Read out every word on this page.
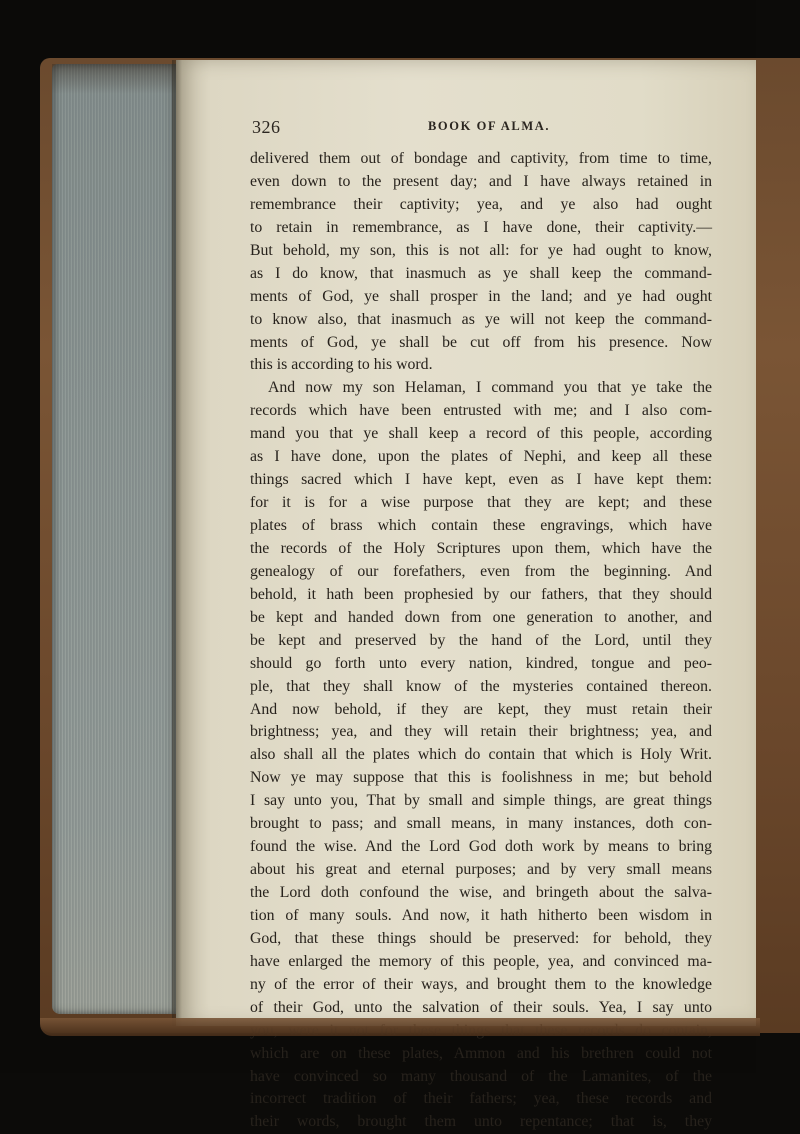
326	BOOK OF ALMA.
delivered them out of bondage and captivity, from time to time,
even down to the present day; and I have always retained in
remembrance their captivity; yea, and ye also had ought
to retain in remembrance, as I have done, their captivity.—
But behold, my son, this is not all: for ye had ought to know,
as I do know, that inasmuch as ye shall keep the command-
ments of God, ye shall prosper in the land; and ye had ought
to know also, that inasmuch as ye will not keep the command-
ments of God, ye shall be cut off from his presence. Now
this is according to his word.
And now my son Helaman, I command you that ye take the
records which have been entrusted with me; and I also com-
mand you that ye shall keep a record of this people, according
as I have done, upon the plates of Nephi, and keep all these
things sacred which I have kept, even as I have kept them:
for it is for a wise purpose that they are kept; and these
plates of brass which contain these engravings, which have
the records of the Holy Scriptures upon them, which have the
genealogy of our forefathers, even from the beginning. And
behold, it hath been prophesied by our fathers, that they should
be kept and handed down from one generation to another, and
be kept and preserved by the hand of the Lord, until they
should go forth unto every nation, kindred, tongue and peo-
ple, that they shall know of the mysteries contained thereon.
And now behold, if they are kept, they must retain their
brightness; yea, and they will retain their brightness; yea, and
also shall all the plates which do contain that which is Holy Writ.
Now ye may suppose that this is foolishness in me; but behold
I say unto you, That by small and simple things, are great things
brought to pass; and small means, in many instances, doth con-
found the wise. And the Lord God doth work by means to bring
about his great and eternal purposes; and by very small means
the Lord doth confound the wise, and bringeth about the salva-
tion of many souls. And now, it hath hitherto been wisdom in
God, that these things should be preserved: for behold, they
have enlarged the memory of this people, yea, and convinced ma-
ny of the error of their ways, and brought them to the knowledge
of their God, unto the salvation of their souls. Yea, I say unto
which are on these plates, Ammon and his brethren could not
have convinced so many thousand of the Lamanites, of the
incorrect tradition of their fathers; yea, these records and
their words, brought them unto repentance; that is, they
